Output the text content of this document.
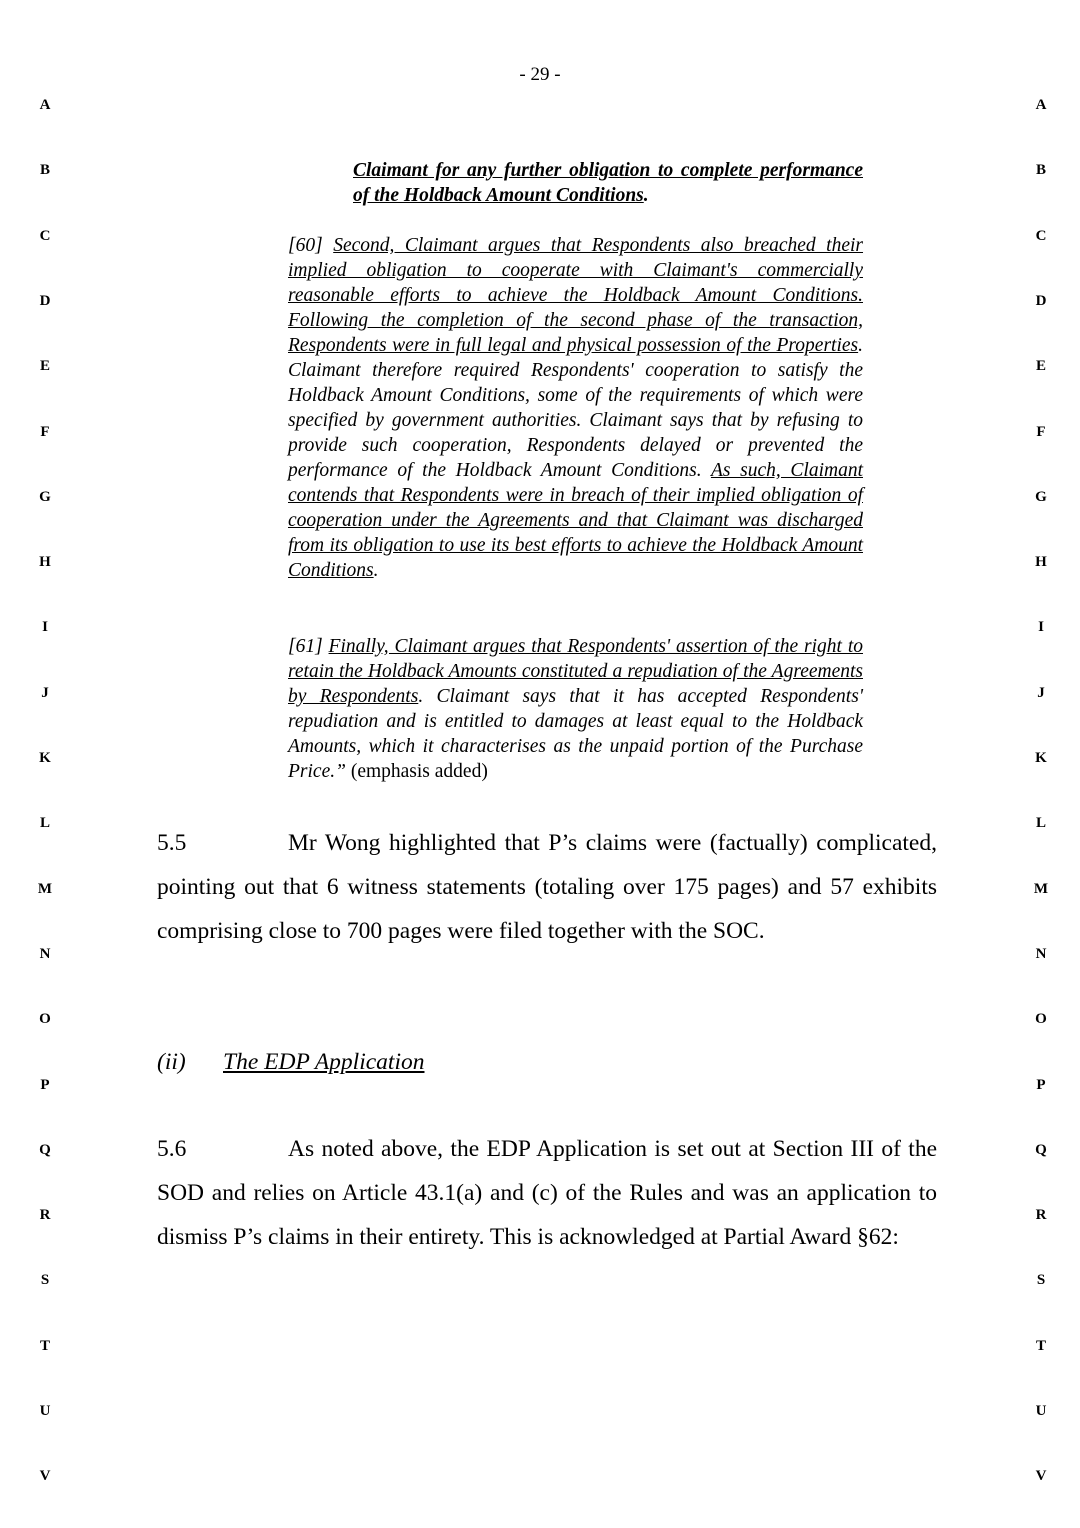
- 29 -
A
B
C
D
E
F
G
H
I
J
K
L
M
N
O
P
Q
R
S
T
U
V
A
B
C
D
E
F
G
H
I
J
K
L
M
N
O
P
Q
R
S
T
U
V
Claimant for any further obligation to complete performance of the Holdback Amount Conditions.
[60] Second, Claimant argues that Respondents also breached their implied obligation to cooperate with Claimant's commercially reasonable efforts to achieve the Holdback Amount Conditions. Following the completion of the second phase of the transaction, Respondents were in full legal and physical possession of the Properties. Claimant therefore required Respondents' cooperation to satisfy the Holdback Amount Conditions, some of the requirements of which were specified by government authorities. Claimant says that by refusing to provide such cooperation, Respondents delayed or prevented the performance of the Holdback Amount Conditions. As such, Claimant contends that Respondents were in breach of their implied obligation of cooperation under the Agreements and that Claimant was discharged from its obligation to use its best efforts to achieve the Holdback Amount Conditions.
[61] Finally, Claimant argues that Respondents' assertion of the right to retain the Holdback Amounts constituted a repudiation of the Agreements by Respondents. Claimant says that it has accepted Respondents' repudiation and is entitled to damages at least equal to the Holdback Amounts, which it characterises as the unpaid portion of the Purchase Price.” (emphasis added)
5.5	Mr Wong highlighted that P’s claims were (factually) complicated, pointing out that 6 witness statements (totaling over 175 pages) and 57 exhibits comprising close to 700 pages were filed together with the SOC.
(ii) The EDP Application
5.6	As noted above, the EDP Application is set out at Section III of the SOD and relies on Article 43.1(a) and (c) of the Rules and was an application to dismiss P’s claims in their entirety. This is acknowledged at Partial Award §62:
